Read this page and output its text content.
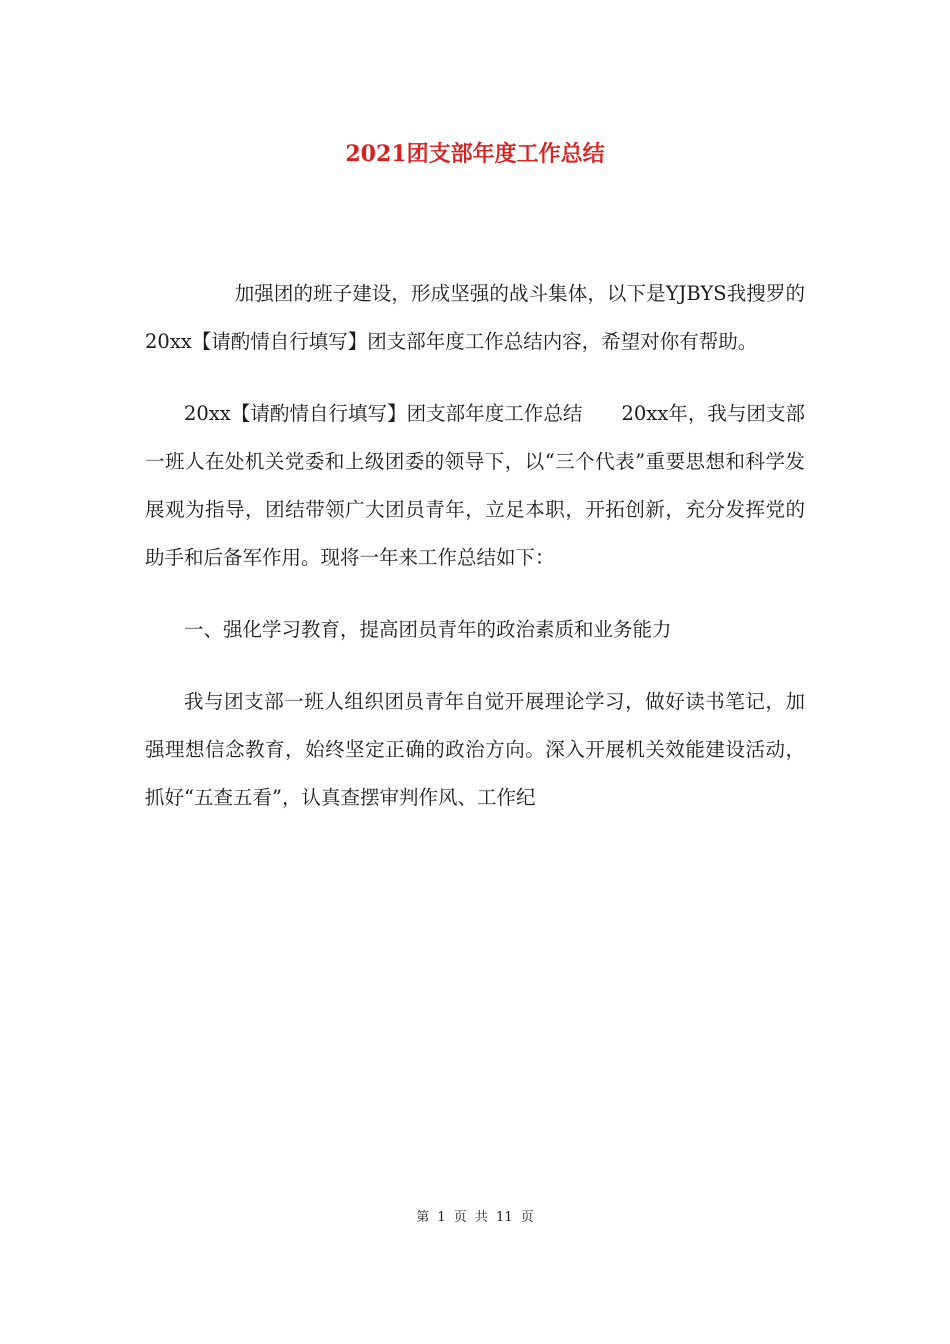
2021团支部年度工作总结

加强团的班子建设，形成坚强的战斗集体，以下是YJBYS我搜罗的20xx【请酌情自行填写】团支部年度工作总结内容，希望对你有帮助。

20xx【请酌情自行填写】团支部年度工作总结　　20xx年，我与团支部一班人在处机关党委和上级团委的领导下，以“三个代表”重要思想和科学发展观为指导，团结带领广大团员青年，立足本职，开拓创新，充分发挥党的助手和后备军作用。现将一年来工作总结如下：

一、强化学习教育，提高团员青年的政治素质和业务能力

我与团支部一班人组织团员青年自觉开展理论学习，做好读书笔记，加强理想信念教育，始终坚定正确的政治方向。深入开展机关效能建设活动，抓好“五查五看”，认真查摆审判作风、工作纪

第 1 页 共 11 页
